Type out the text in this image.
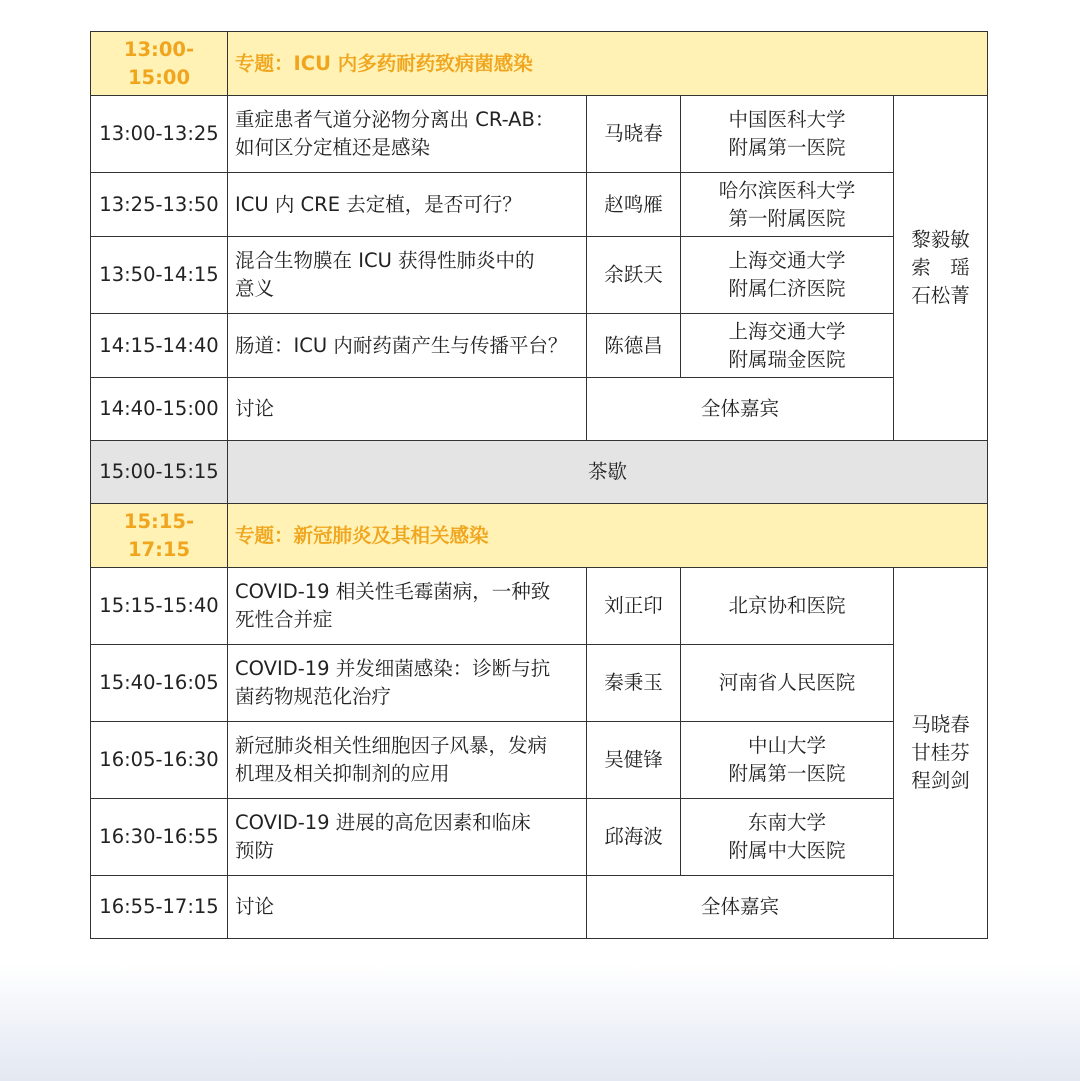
13:00-15:00	专题：ICU 内多药耐药致病菌感染			
13:00-13:25	重症患者气道分泌物分离出 CR-AB：
如何区分定植还是感染	马晓春	中国医科大学
附属第一医院	黎毅敏
索　瑶
石松菁

13:25-13:50	ICU 内 CRE 去定植，是否可行？	赵鸣雁	哈尔滨医科大学
第一附属医院	
13:50-14:15	混合生物膜在 ICU 获得性肺炎中的
意义	余跃天	上海交通大学
附属仁济医院	
14:15-14:40	肠道：ICU 内耐药菌产生与传播平台？	陈德昌	上海交通大学
附属瑞金医院	
14:40-15:00	讨论	全体嘉宾		
15:00-15:15	茶歇			
15:15-17:15	专题：新冠肺炎及其相关感染			
15:15-15:40	COVID-19 相关性毛霉菌病，一种致
死性合并症	刘正印	北京协和医院	马晓春
甘桂芬
程剑剑

15:40-16:05	COVID-19 并发细菌感染：诊断与抗
菌药物规范化治疗	秦秉玉	河南省人民医院	
16:05-16:30	新冠肺炎相关性细胞因子风暴，发病
机理及相关抑制剂的应用	吴健锋	中山大学
附属第一医院	
16:30-16:55	COVID-19 进展的高危因素和临床
预防	邱海波	东南大学
附属中大医院	
16:55-17:15	讨论	全体嘉宾		
